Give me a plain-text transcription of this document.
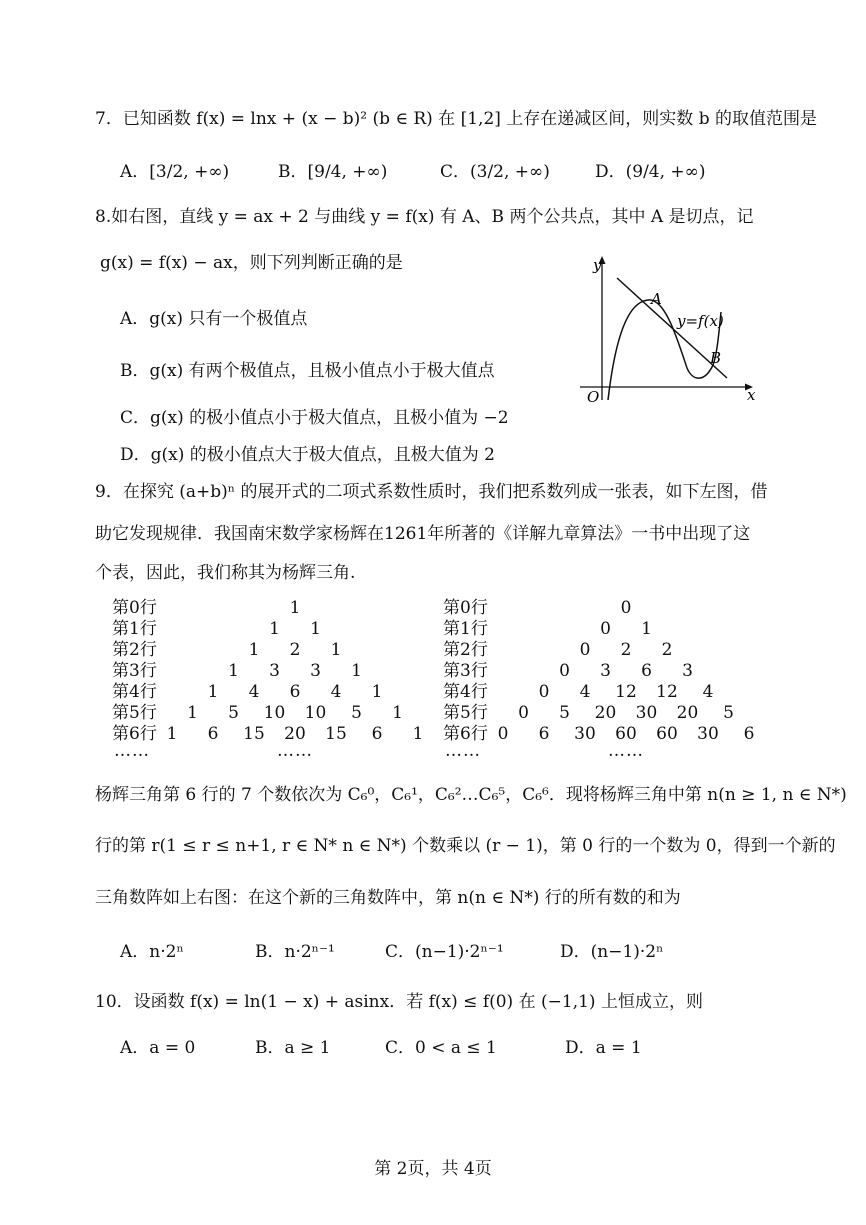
7．已知函数 f(x) = lnx + (x − b)² (b ∈ R) 在 [1,2] 上存在递减区间，则实数 b 的取值范围是
A．[3/2, +∞)	B．[9/4, +∞)	C．(3/2, +∞)	D．(9/4, +∞)
8.如右图，直线 y = ax + 2 与曲线 y = f(x) 有 A、B 两个公共点，其中 A 是切点，记
g(x) = f(x) − ax，则下列判断正确的是
A．g(x) 只有一个极值点
B．g(x) 有两个极值点，且极小值点小于极大值点
C．g(x) 的极小值点小于极大值点，且极小值为 −2
D．g(x) 的极小值点大于极大值点，且极大值为 2
y
x
O
A
B
y=f(x)
9．在探究 (a+b)ⁿ 的展开式的二项式系数性质时，我们把系数列成一张表，如下左图，借
助它发现规律．我国南宋数学家杨辉在1261年所著的《详解九章算法》一书中出现了这
个表，因此，我们称其为杨辉三角.
第0行	1
第1行	1 1
第2行	1 2 1
第3行	1 3 3 1
第4行	1 4 6 4 1
第5行 1 5 10 10 5 1
第6行 1 6 15 20 15 6 1
……	……
第0行	0
第1行	0 1
第2行	0 2 2
第3行	0 3 6 3
第4行	0 4 12 12 4
第5行 0 5 20 30 20 5
第6行 0 6 30 60 60 30 6
……	……
杨辉三角第 6 行的 7 个数依次为 C₆⁰，C₆¹，C₆²…C₆⁵，C₆⁶．现将杨辉三角中第 n(n ≥ 1, n ∈ N*)
行的第 r(1 ≤ r ≤ n+1, r ∈ N* n ∈ N*) 个数乘以 (r − 1)，第 0 行的一个数为 0，得到一个新的
三角数阵如上右图：在这个新的三角数阵中，第 n(n ∈ N*) 行的所有数的和为
A．n·2ⁿ	B．n·2ⁿ⁻¹	C．(n−1)·2ⁿ⁻¹	D．(n−1)·2ⁿ
10．设函数 f(x) = ln(1 − x) + asinx．若 f(x) ≤ f(0) 在 (−1,1) 上恒成立，则
A．a = 0	B．a ≥ 1	C．0 < a ≤ 1	D．a = 1
第 2页，共 4页
